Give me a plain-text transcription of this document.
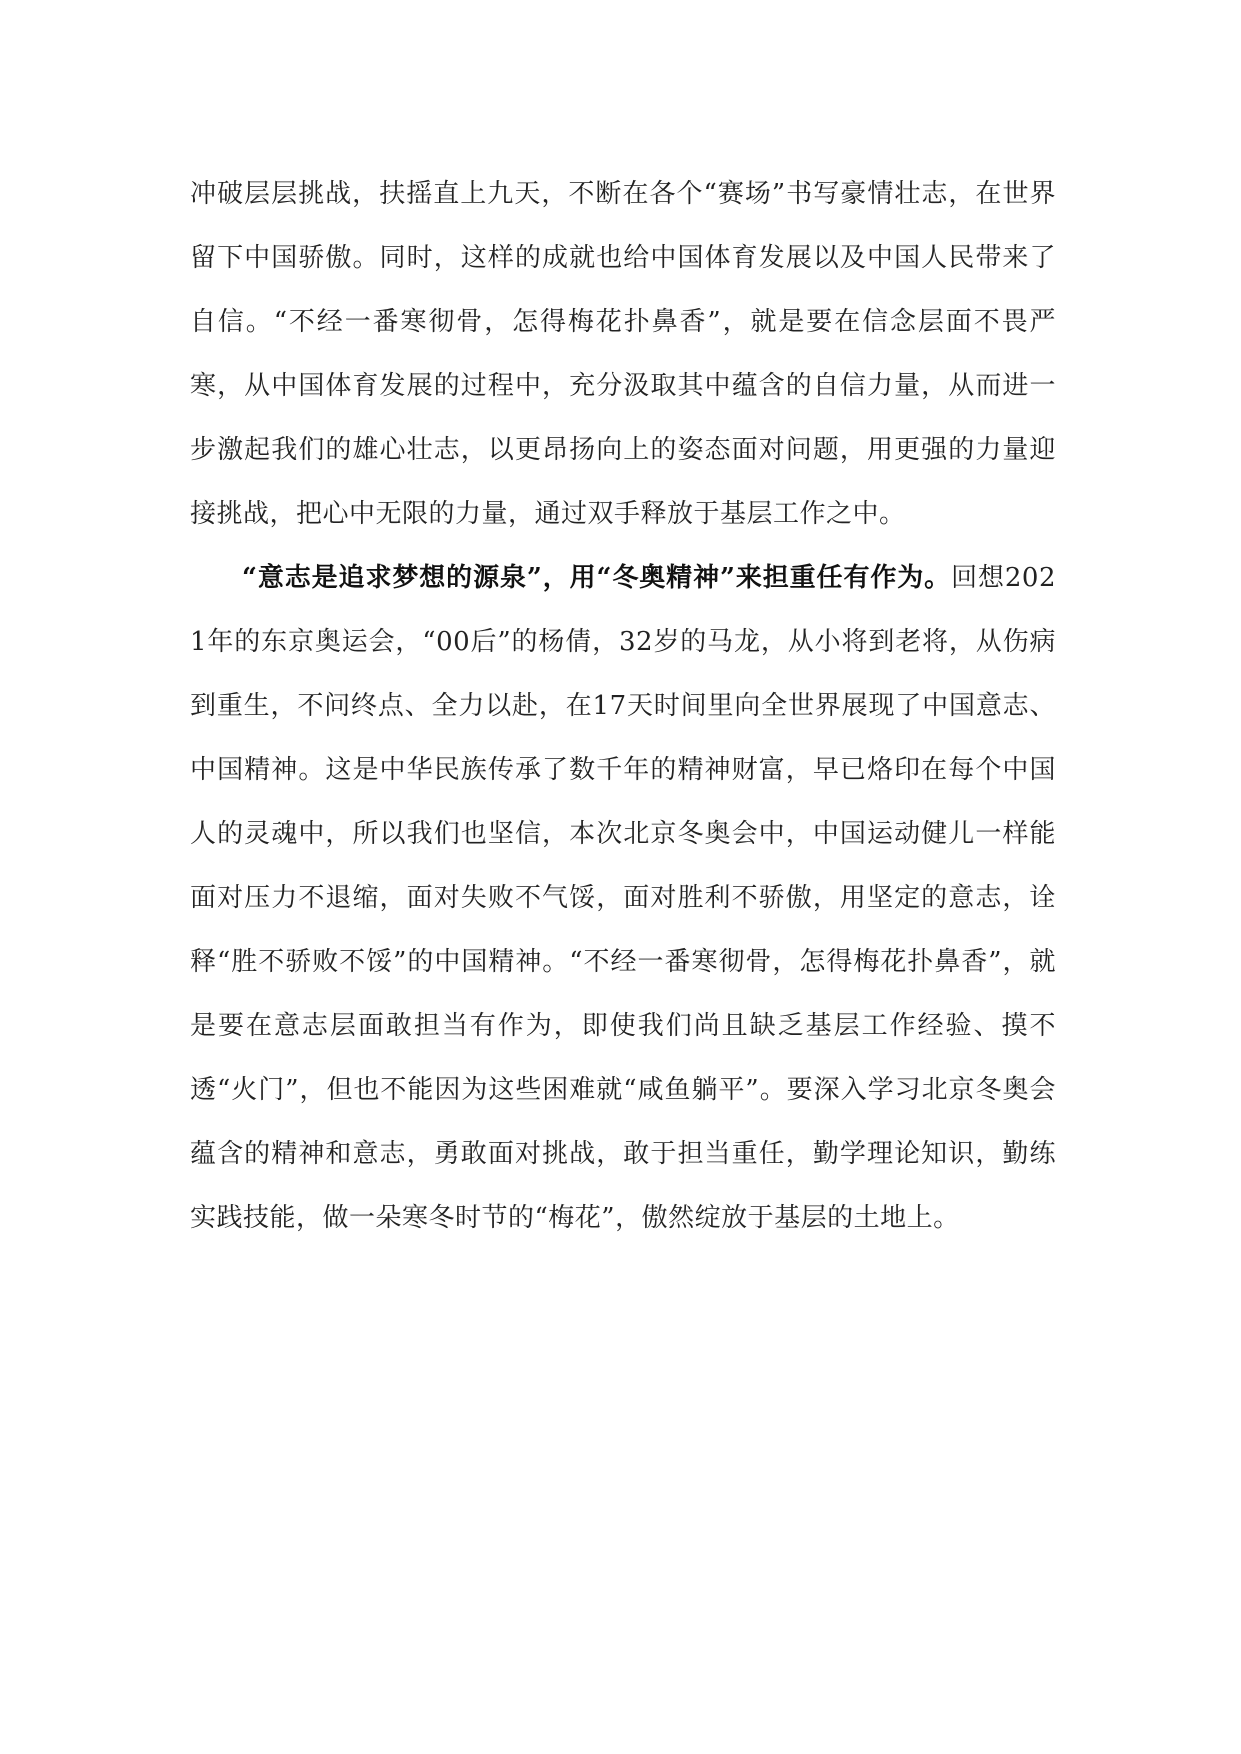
冲破层层挑战，扶摇直上九天，不断在各个“赛场”书写豪情壮志，在世界留下中国骄傲。同时，这样的成就也给中国体育发展以及中国人民带来了自信。“不经一番寒彻骨，怎得梅花扑鼻香”，就是要在信念层面不畏严寒，从中国体育发展的过程中，充分汲取其中蕴含的自信力量，从而进一步激起我们的雄心壮志，以更昂扬向上的姿态面对问题，用更强的力量迎接挑战，把心中无限的力量，通过双手释放于基层工作之中。

“意志是追求梦想的源泉”，用“冬奥精神”来担重任有作为。回想2021年的东京奥运会，“00后”的杨倩，32岁的马龙，从小将到老将，从伤病到重生，不问终点、全力以赴，在17天时间里向全世界展现了中国意志、中国精神。这是中华民族传承了数千年的精神财富，早已烙印在每个中国人的灵魂中，所以我们也坚信，本次北京冬奥会中，中国运动健儿一样能面对压力不退缩，面对失败不气馁，面对胜利不骄傲，用坚定的意志，诠释“胜不骄败不馁”的中国精神。“不经一番寒彻骨，怎得梅花扑鼻香”，就是要在意志层面敢担当有作为，即使我们尚且缺乏基层工作经验、摸不透“火门”，但也不能因为这些困难就“咸鱼躺平”。要深入学习北京冬奥会蕴含的精神和意志，勇敢面对挑战，敢于担当重任，勤学理论知识，勤练实践技能，做一朵寒冬时节的“梅花”，傲然绽放于基层的土地上。
